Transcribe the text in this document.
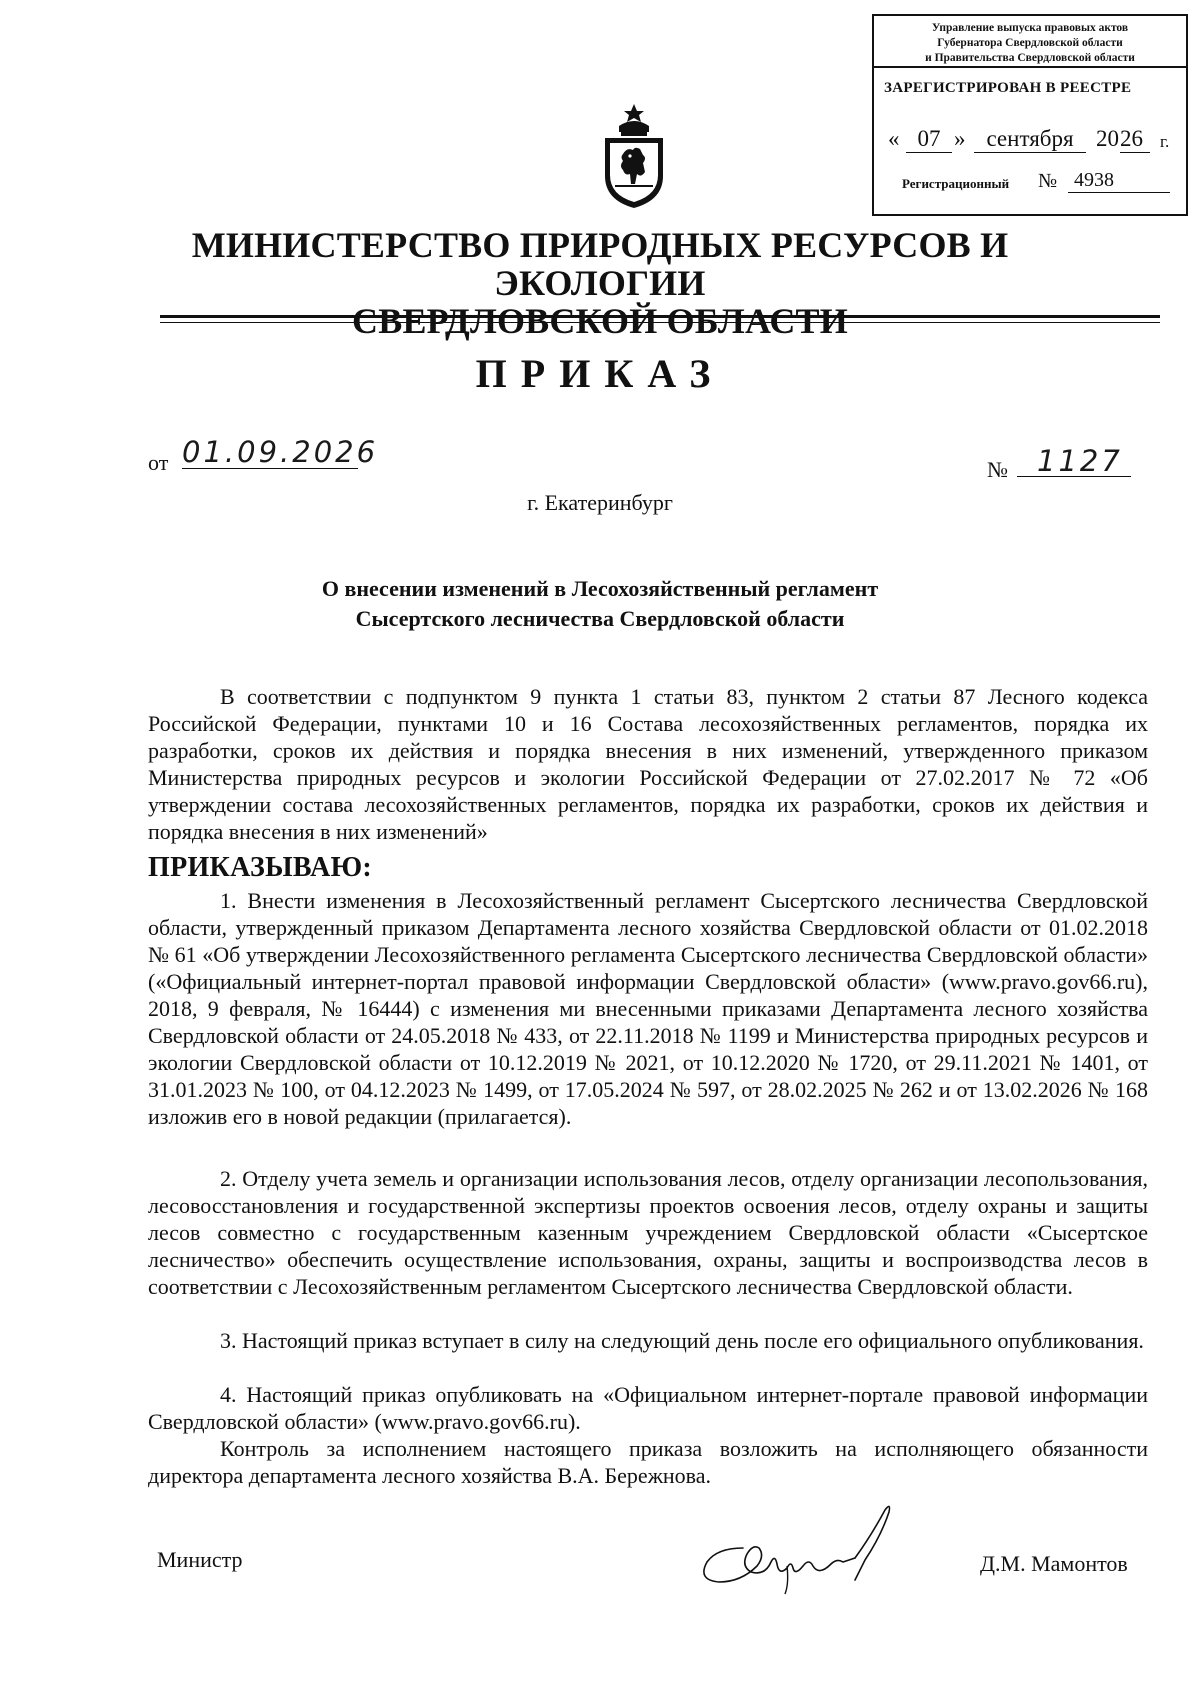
Управление выпуска правовых актов
Губернатора Свердловской области
и Правительства Свердловской области
ЗАРЕГИСТРИРОВАН В РЕЕСТРЕ
« 07 » сентября 20 26	г.
Регистрационный № 4938
МИНИСТЕРСТВО ПРИРОДНЫХ РЕСУРСОВ И ЭКОЛОГИИ
СВЕРДЛОВСКОЙ ОБЛАСТИ
ПРИКАЗ
от 01.09.2026
№	1127
г. Екатеринбург
О внесении изменений в Лесохозяйственный регламент
Сысертского лесничества Свердловской области
В соответствии с подпунктом 9 пункта 1 статьи 83, пунктом 2 статьи 87 Лесного кодекса Российской Федерации, пунктами 10 и 16 Состава лесохозяйственных регламентов, порядка их разработки, сроков их действия и порядка внесения в них изменений, утвержденного приказом Министерства природных ресурсов и экологии Российской Федерации от 27.02.2017 № 72 «Об утверждении состава лесохозяйственных регламентов, порядка их разработки, сроков их действия и порядка внесения в них изменений»
ПРИКАЗЫВАЮ:
1. Внести изменения в Лесохозяйственный регламент Сысертского лесничества Свердловской области, утвержденный приказом Департамента лесного хозяйства Свердловской области от 01.02.2018 № 61 «Об утверждении Лесохозяйственного регламента Сысертского лесничества Свердловской области» («Официальный интернет-портал правовой информации Свердловской области» (www.pravo.gov66.ru), 2018, 9 февраля, № 16444) с изменения ми внесенными приказами Департамента лесного хозяйства Свердловской области от 24.05.2018 № 433, от 22.11.2018 № 1199 и Министерства природных ресурсов и экологии Свердловской области от 10.12.2019 № 2021, от 10.12.2020 № 1720, от 29.11.2021 № 1401, от 31.01.2023 № 100, от 04.12.2023 № 1499, от 17.05.2024 № 597, от 28.02.2025 № 262 и от 13.02.2026 № 168 изложив его в новой редакции (прилагается).
2. Отделу учета земель и организации использования лесов, отделу организации лесопользования, лесовосстановления и государственной экспертизы проектов освоения лесов, отделу охраны и защиты лесов совместно с государственным казенным учреждением Свердловской области «Сысертское лесничество» обеспечить осуществление использования, охраны, защиты и воспроизводства лесов в соответствии с Лесохозяйственным регламентом Сысертского лесничества Свердловской области.
3. Настоящий приказ вступает в силу на следующий день после его официального опубликования.
4. Настоящий приказ опубликовать на «Официальном интернет-портале правовой информации Свердловской области» (www.pravo.gov66.ru).
Контроль за исполнением настоящего приказа возложить на исполняющего обязанности директора департамента лесного хозяйства В.А. Бережнова.
Министр	Д.М. Мамонтов
